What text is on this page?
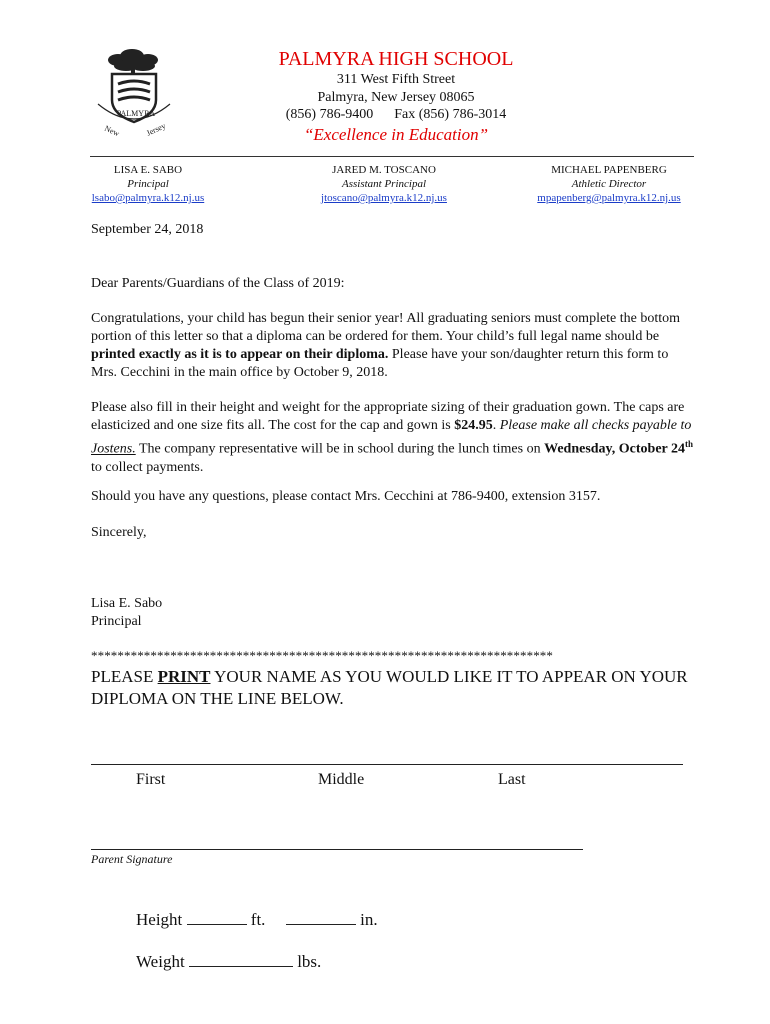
PALMYRA
New	Jersey
PALMYRA HIGH SCHOOL
311 West Fifth Street
Palmyra, New Jersey 08065
(856) 786-9400 Fax (856) 786-3014
“Excellence in Education”
LISA E. SABO
Principal
lsabo@palmyra.k12.nj.us
JARED M. TOSCANO
Assistant Principal
jtoscano@palmyra.k12.nj.us
MICHAEL PAPENBERG
Athletic Director
mpapenberg@palmyra.k12.nj.us
September 24, 2018
Dear Parents/Guardians of the Class of 2019:
Congratulations, your child has begun their senior year! All graduating seniors must complete the bottom portion of this letter so that a diploma can be ordered for them. Your child’s full legal name should be printed exactly as it is to appear on their diploma. Please have your son/daughter return this form to Mrs. Cecchini in the main office by October 9, 2018.
Please also fill in their height and weight for the appropriate sizing of their graduation gown. The caps are elasticized and one size fits all. The cost for the cap and gown is $24.95. Please make all checks payable to Jostens. The company representative will be in school during the lunch times on Wednesday, October 24th to collect payments.
Should you have any questions, please contact Mrs. Cecchini at 786-9400, extension 3157.
Sincerely,
Lisa E. Sabo
Principal
**********************************************************************
PLEASE PRINT YOUR NAME AS YOU WOULD LIKE IT TO APPEAR ON YOUR DIPLOMA ON THE LINE BELOW.
First	Middle	Last
Parent Signature
Height	ft.	in.
Weight	lbs.
